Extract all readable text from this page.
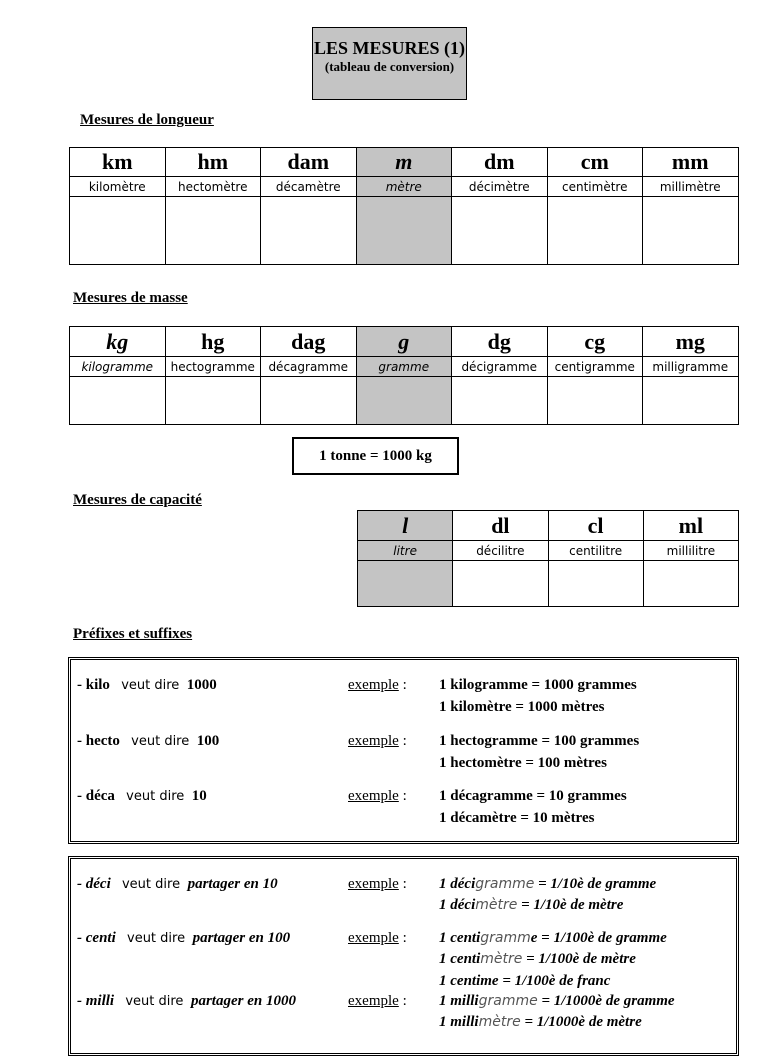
LES MESURES (1)
(tableau de conversion)
Mesures de longueur
km	hm	dam	m	dm	cm	mm
kilomètre	hectomètre	décamètre	mètre	décimètre	centimètre	millimètre

Mesures de masse
kg	hg	dag	g	dg	cg	mg
kilogramme	hectogramme	décagramme	gramme	décigramme	centigramme	milligramme

1 tonne = 1000 kg
Mesures de capacité
l	dl	cl	ml
litre	décilitre	centilitre	millilitre

Préfixes et suffixes
- kilo veut dire 1000	exemple : 1 kilogramme = 1000 grammes
1 kilomètre = 1000 mètres
- hecto veut dire 100	exemple : 1 hectogramme = 100 grammes
1 hectomètre = 100 mètres
- déca veut dire 10	exemple : 1 décagramme = 10 grammes
1 décamètre = 10 mètres
- déci veut dire partager en 10	exemple : 1 décigramme = 1/10è de gramme
1 décimètre = 1/10è de mètre
- centi veut dire partager en 100	exemple : 1 centigramme = 1/100è de gramme
1 centimètre = 1/100è de mètre
1 centime = 1/100è de franc
- milli veut dire partager en 1000	exemple : 1 milligramme = 1/1000è de gramme
1 millimètre = 1/1000è de mètre
